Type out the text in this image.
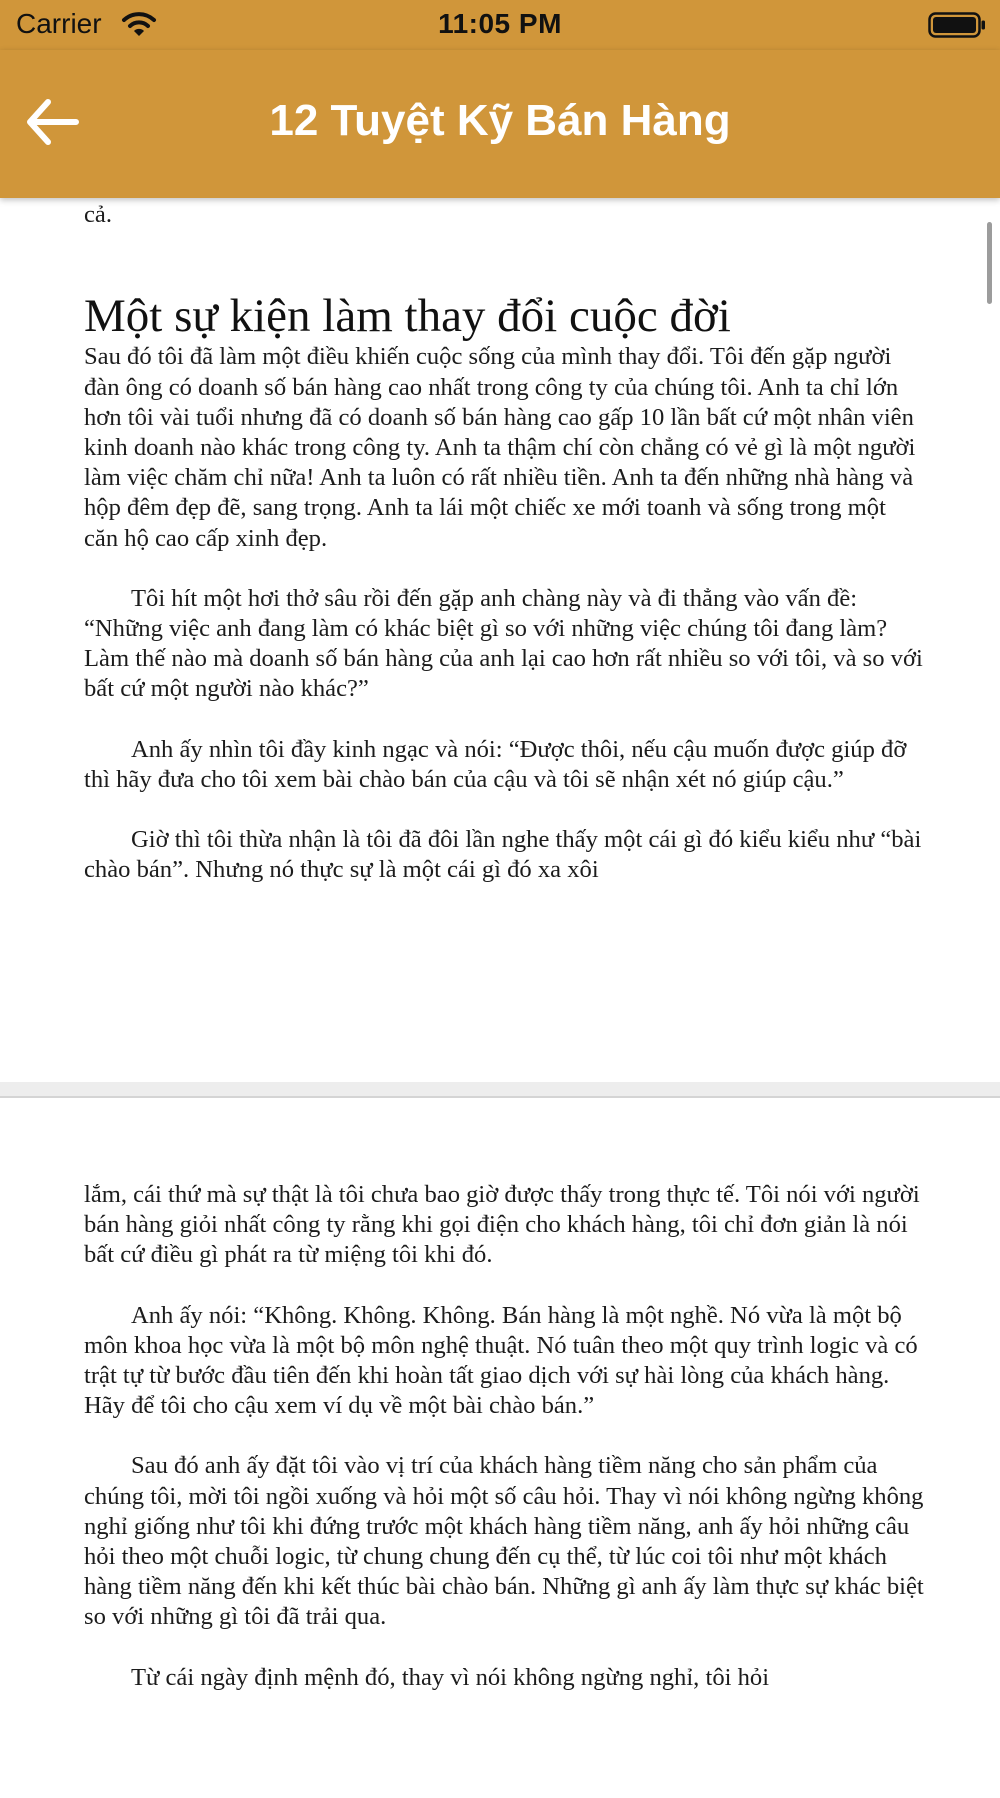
Carrier	11:05 PM
12 Tuyệt Kỹ Bán Hàng

cả.

Một sự kiện làm thay đổi cuộc đời

Sau đó tôi đã làm một điều khiến cuộc sống của mình thay đổi. Tôi đến gặp người đàn ông có doanh số bán hàng cao nhất trong công ty của chúng tôi. Anh ta chỉ lớn hơn tôi vài tuổi nhưng đã có doanh số bán hàng cao gấp 10 lần bất cứ một nhân viên kinh doanh nào khác trong công ty. Anh ta thậm chí còn chẳng có vẻ gì là một người làm việc chăm chỉ nữa! Anh ta luôn có rất nhiều tiền. Anh ta đến những nhà hàng và hộp đêm đẹp đẽ, sang trọng. Anh ta lái một chiếc xe mới toanh và sống trong một căn hộ cao cấp xinh đẹp.

Tôi hít một hơi thở sâu rồi đến gặp anh chàng này và đi thẳng vào vấn đề: “Những việc anh đang làm có khác biệt gì so với những việc chúng tôi đang làm? Làm thế nào mà doanh số bán hàng của anh lại cao hơn rất nhiều so với tôi, và so với bất cứ một người nào khác?”

Anh ấy nhìn tôi đầy kinh ngạc và nói: “Được thôi, nếu cậu muốn được giúp đỡ thì hãy đưa cho tôi xem bài chào bán của cậu và tôi sẽ nhận xét nó giúp cậu.”

Giờ thì tôi thừa nhận là tôi đã đôi lần nghe thấy một cái gì đó kiểu kiểu như “bài chào bán”. Nhưng nó thực sự là một cái gì đó xa xôi

lắm, cái thứ mà sự thật là tôi chưa bao giờ được thấy trong thực tế. Tôi nói với người bán hàng giỏi nhất công ty rằng khi gọi điện cho khách hàng, tôi chỉ đơn giản là nói bất cứ điều gì phát ra từ miệng tôi khi đó.

Anh ấy nói: “Không. Không. Không. Bán hàng là một nghề. Nó vừa là một bộ môn khoa học vừa là một bộ môn nghệ thuật. Nó tuân theo một quy trình logic và có trật tự từ bước đầu tiên đến khi hoàn tất giao dịch với sự hài lòng của khách hàng. Hãy để tôi cho cậu xem ví dụ về một bài chào bán.”

Sau đó anh ấy đặt tôi vào vị trí của khách hàng tiềm năng cho sản phẩm của chúng tôi, mời tôi ngồi xuống và hỏi một số câu hỏi. Thay vì nói không ngừng không nghỉ giống như tôi khi đứng trước một khách hàng tiềm năng, anh ấy hỏi những câu hỏi theo một chuỗi logic, từ chung chung đến cụ thể, từ lúc coi tôi như một khách hàng tiềm năng đến khi kết thúc bài chào bán. Những gì anh ấy làm thực sự khác biệt so với những gì tôi đã trải qua.

Từ cái ngày định mệnh đó, thay vì nói không ngừng nghỉ, tôi hỏi
